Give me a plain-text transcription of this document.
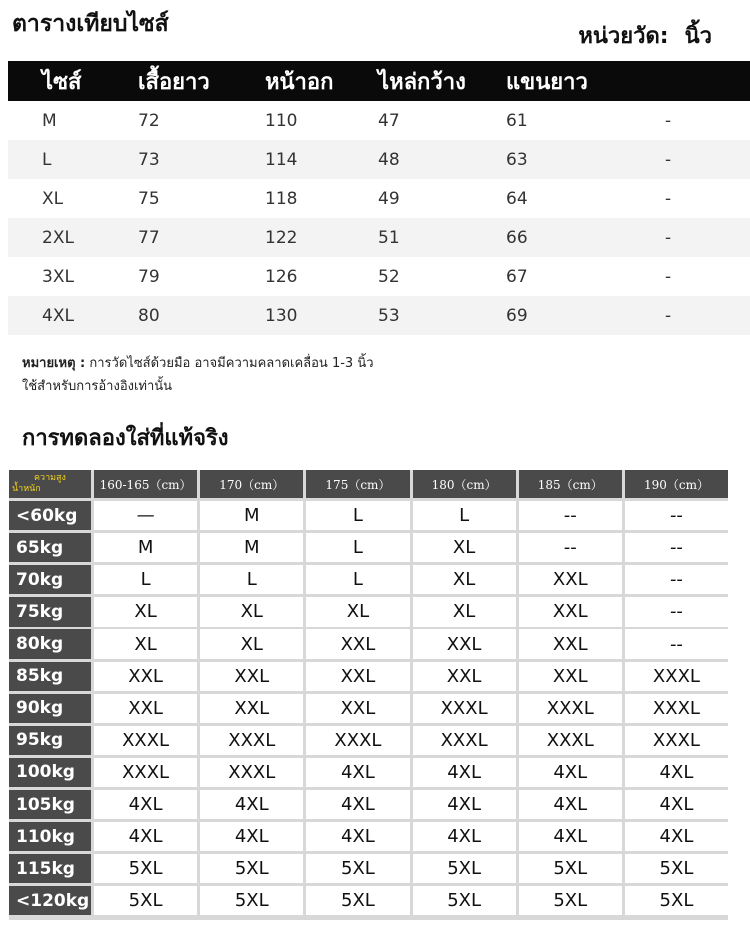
ตารางเทียบไซส์	หน่วยวัด: นิ้ว
ไซส์	เสื้อยาว	หน้าอก	ไหล่กว้าง	แขนยาว	
M	72	110	47	61	-
L	73	114	48	63	-
XL	75	118	49	64	-
2XL	77	122	51	66	-
3XL	79	126	52	67	-
4XL	80	130	53	69	-
หมายเหตุ : การวัดไซส์ด้วยมือ อาจมีความคลาดเคลื่อน 1-3 นิ้ว
ใช้สำหรับการอ้างอิงเท่านั้น
การทดลองใส่ที่แท้จริง
ความสูง
น้ำหนัก	160-165（cm）	170（cm）	175（cm）	180（cm）	185（cm）	190（cm）
<60kg	—	M	L	L	--	--
65kg	M	M	L	XL	--	--
70kg	L	L	L	XL	XXL	--
75kg	XL	XL	XL	XL	XXL	--
80kg	XL	XL	XXL	XXL	XXL	--
85kg	XXL	XXL	XXL	XXL	XXL	XXXL
90kg	XXL	XXL	XXL	XXXL	XXXL	XXXL
95kg	XXXL	XXXL	XXXL	XXXL	XXXL	XXXL
100kg	XXXL	XXXL	4XL	4XL	4XL	4XL
105kg	4XL	4XL	4XL	4XL	4XL	4XL
110kg	4XL	4XL	4XL	4XL	4XL	4XL
115kg	5XL	5XL	5XL	5XL	5XL	5XL
<120kg	5XL	5XL	5XL	5XL	5XL	5XL
